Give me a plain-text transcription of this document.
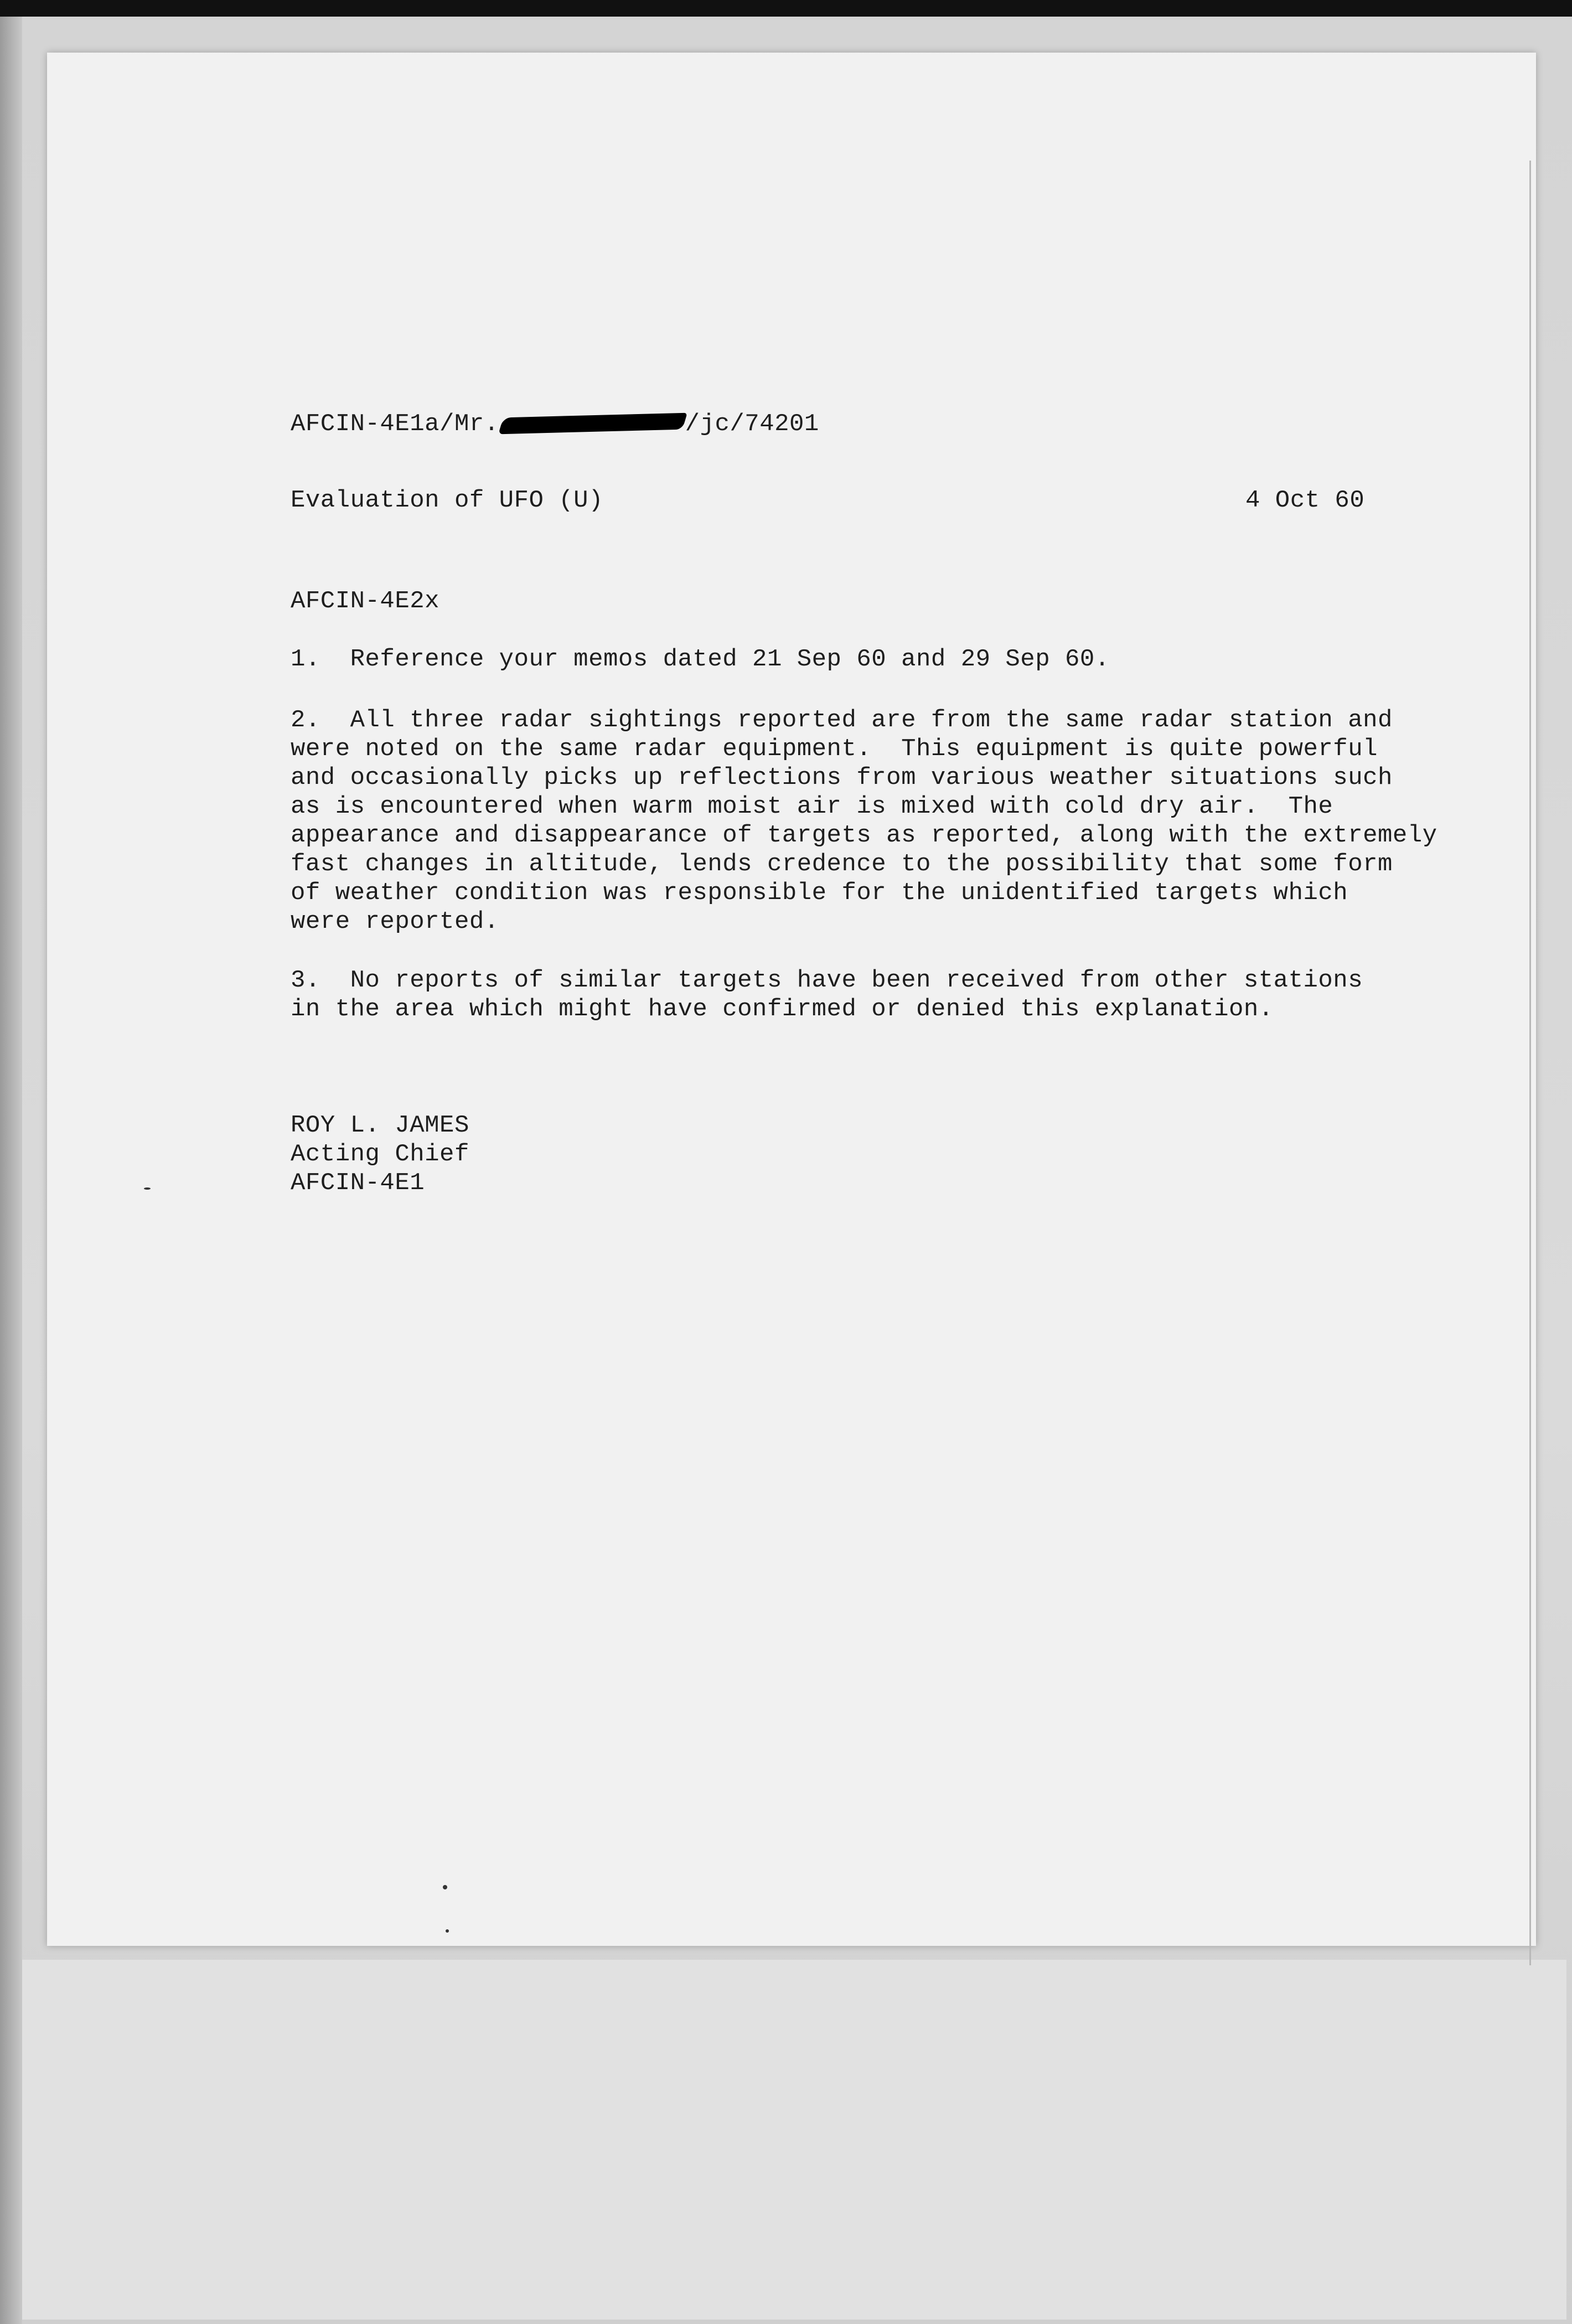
AFCIN-4E1a/Mr.	/jc/74201
Evaluation of UFO (U)	4 Oct 60
AFCIN-4E2x
1.  Reference your memos dated 21 Sep 60 and 29 Sep 60.
2.  All three radar sightings reported are from the same radar station and
were noted on the same radar equipment.  This equipment is quite powerful
and occasionally picks up reflections from various weather situations such
as is encountered when warm moist air is mixed with cold dry air.  The
appearance and disappearance of targets as reported, along with the extremely
fast changes in altitude, lends credence to the possibility that some form
of weather condition was responsible for the unidentified targets which
were reported.
3.  No reports of similar targets have been received from other stations
in the area which might have confirmed or denied this explanation.
ROY L. JAMES
Acting Chief
AFCIN-4E1
